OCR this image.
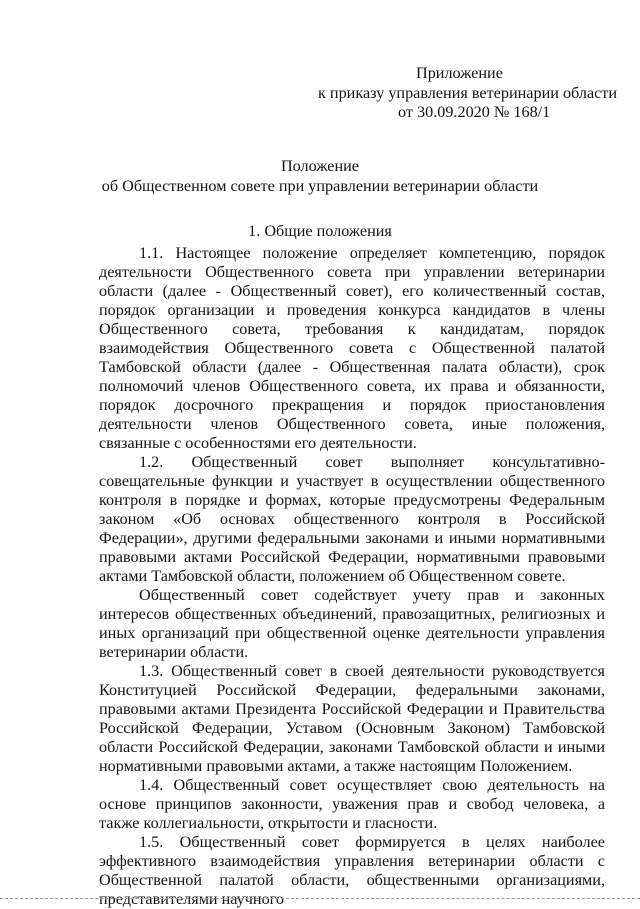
Приложение
к приказу управления ветеринарии области
от 30.09.2020 № 168/1
Положение
об Общественном совете при управлении ветеринарии области
1. Общие положения

1.1. Настоящее положение определяет компетенцию, порядок деятельности Общественного совета при управлении ветеринарии области (далее - Общественный совет), его количественный состав, порядок организации и проведения конкурса кандидатов в члены Общественного совета, требования к кандидатам, порядок взаимодействия Общественного совета с Общественной палатой Тамбовской области (далее - Общественная палата области), срок полномочий членов Общественного совета, их права и обязанности, порядок досрочного прекращения и порядок приостановления деятельности членов Общественного совета, иные положения, связанные с особенностями его деятельности.

1.2. Общественный совет выполняет консультативно-совещательные функции и участвует в осуществлении общественного контроля в порядке и формах, которые предусмотрены Федеральным законом «Об основах общественного контроля в Российской Федерации», другими федеральными законами и иными нормативными правовыми актами Российской Федерации, нормативными правовыми актами Тамбовской области, положением об Общественном совете.

Общественный совет содействует учету прав и законных интересов общественных объединений, правозащитных, религиозных и иных организаций при общественной оценке деятельности управления ветеринарии области.

1.3. Общественный совет в своей деятельности руководствуется Конституцией Российской Федерации, федеральными законами, правовыми актами Президента Российской Федерации и Правительства Российской Федерации, Уставом (Основным Законом) Тамбовской области Российской Федерации, законами Тамбовской области и иными нормативными правовыми актами, а также настоящим Положением.

1.4. Общественный совет осуществляет свою деятельность на основе принципов законности, уважения прав и свобод человека, а также коллегиальности, открытости и гласности.

1.5. Общественный совет формируется в целях наиболее эффективного взаимодействия управления ветеринарии области с Общественной палатой области, общественными организациями, представителями научного
